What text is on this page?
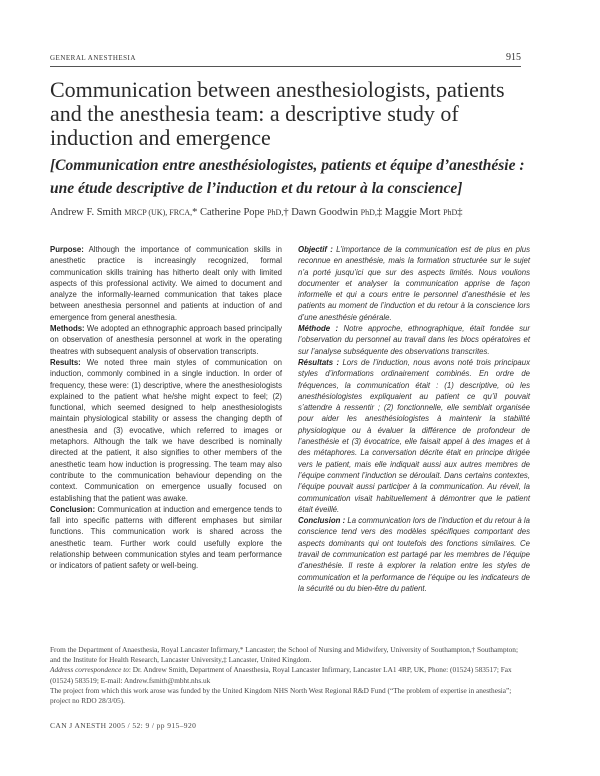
GENERAL ANESTHESIA	915
Communication between anesthesiologists, patients and the anesthesia team: a descriptive study of induction and emergence
[Communication entre anesthésiologistes, patients et équipe d’anesthésie : une étude descriptive de l’induction et du retour à la conscience]
Andrew F. Smith MRCP (UK), FRCA,* Catherine Pope PhD,† Dawn Goodwin PhD,‡ Maggie Mort PhD‡

Purpose: Although the importance of communication skills in anesthetic practice is increasingly recognized, formal communication skills training has hitherto dealt only with limited aspects of this professional activity. We aimed to document and analyze the informally-learned communication that takes place between anesthesia personnel and patients at induction of and emergence from general anesthesia.

Methods: We adopted an ethnographic approach based principally on observation of anesthesia personnel at work in the operating theatres with subsequent analysis of observation transcripts.

Results: We noted three main styles of communication on induction, commonly combined in a single induction. In order of frequency, these were: (1) descriptive, where the anesthesiologists explained to the patient what he/she might expect to feel; (2) functional, which seemed designed to help anesthesiologists maintain physiological stability or assess the changing depth of anesthesia and (3) evocative, which referred to images or metaphors. Although the talk we have described is nominally directed at the patient, it also signifies to other members of the anesthetic team how induction is progressing. The team may also contribute to the communication behaviour depending on the context. Communication on emergence usually focused on establishing that the patient was awake.

Conclusion: Communication at induction and emergence tends to fall into specific patterns with different emphases but similar functions. This communication work is shared across the anesthetic team. Further work could usefully explore the relationship between communication styles and team performance or indicators of patient safety or well-being.

Objectif : L’importance de la communication est de plus en plus reconnue en anesthésie, mais la formation structurée sur le sujet n’a porté jusqu’ici que sur des aspects limités. Nous voulions documenter et analyser la communication apprise de façon informelle et qui a cours entre le personnel d’anesthésie et les patients au moment de l’induction et du retour à la conscience lors d’une anesthésie générale.

Méthode : Notre approche, ethnographique, était fondée sur l’observation du personnel au travail dans les blocs opératoires et sur l’analyse subséquente des observations transcrites.

Résultats : Lors de l’induction, nous avons noté trois principaux styles d’informations ordinairement combinés. En ordre de fréquences, la communication était : (1) descriptive, où les anesthésiologistes expliquaient au patient ce qu’il pouvait s’attendre à ressentir ; (2) fonctionnelle, elle semblait organisée pour aider les anesthésiologistes à maintenir la stabilité physiologique ou à évaluer la différence de profondeur de l’anesthésie et (3) évocatrice, elle faisait appel à des images et à des métaphores. La conversation décrite était en principe dirigée vers le patient, mais elle indiquait aussi aux autres membres de l’équipe comment l’induction se déroulait. Dans certains contextes, l’équipe pouvait aussi participer à la communication. Au réveil, la communication visait habituellement à démontrer que le patient était éveillé.

Conclusion : La communication lors de l’induction et du retour à la conscience tend vers des modèles spécifiques comportant des aspects dominants qui ont toutefois des fonctions similaires. Ce travail de communication est partagé par les membres de l’équipe d’anesthésie. Il reste à explorer la relation entre les styles de communication et la performance de l’équipe ou les indicateurs de la sécurité ou du bien-être du patient.

From the Department of Anaesthesia, Royal Lancaster Infirmary,* Lancaster; the School of Nursing and Midwifery, University of Southampton,† Southampton; and the Institute for Health Research, Lancaster University,‡ Lancaster, United Kingdom.

Address correspondence to: Dr. Andrew Smith, Department of Anaesthesia, Royal Lancaster Infirmary, Lancaster LA1 4RP, UK, Phone: (01524) 583517; Fax (01524) 583519; E-mail: Andrew.fsmith@mbht.nhs.uk

The project from which this work arose was funded by the United Kingdom NHS North West Regional R&D Fund (“The problem of expertise in anesthesia”; project no RDO 28/3/05).

CAN J ANESTH 2005 / 52: 9 / pp 915–920
